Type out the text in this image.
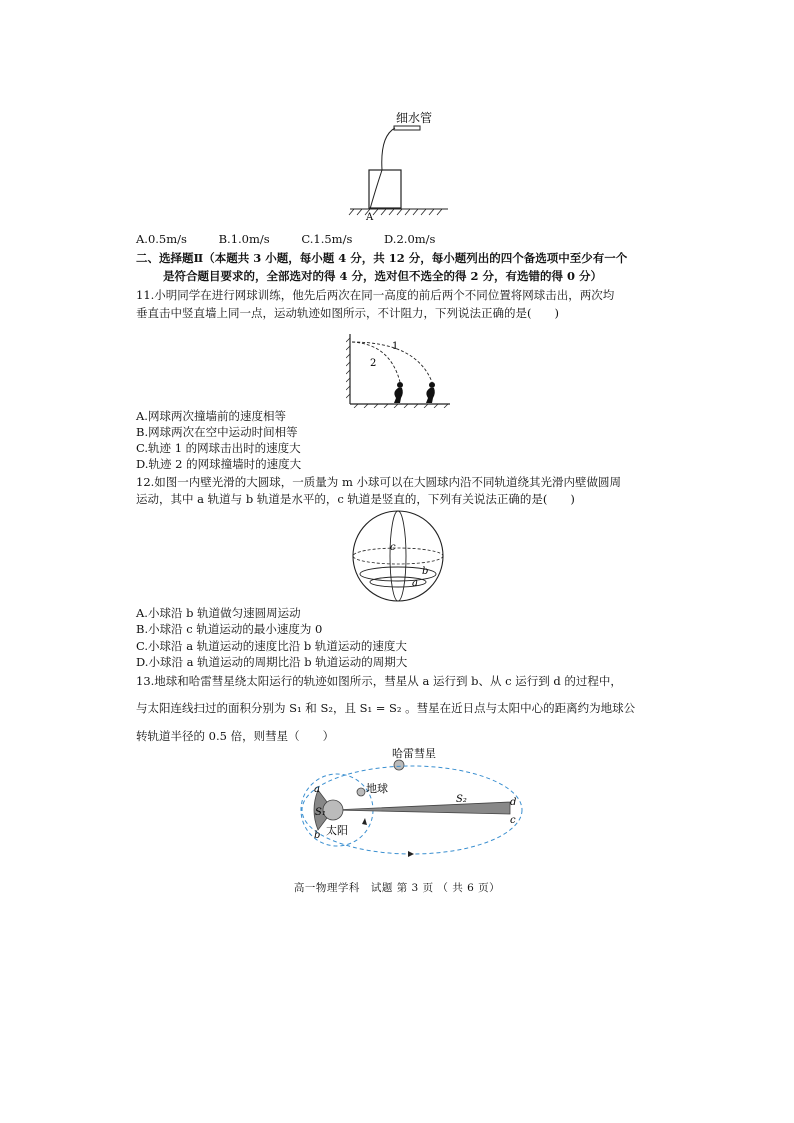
细水管
A
A.0.5m/s	B.1.0m/s	C.1.5m/s	D.2.0m/s
二、选择题Ⅱ（本题共 3 小题，每小题 4 分，共 12 分，每小题列出的四个备选项中至少有一个
是符合题目要求的，全部选对的得 4 分，选对但不选全的得 2 分，有选错的得 0 分）
11.小明同学在进行网球训练，他先后两次在同一高度的前后两个不同位置将网球击出，两次均
垂直击中竖直墙上同一点，运动轨迹如图所示，不计阻力，下列说法正确的是(　　)
1
2
A.网球两次撞墙前的速度相等
B.网球两次在空中运动时间相等
C.轨迹 1 的网球击出时的速度大
D.轨迹 2 的网球撞墙时的速度大
12.如图一内壁光滑的大圆球，一质量为 m 小球可以在大圆球内沿不同轨道绕其光滑内壁做圆周
运动，其中 a 轨道与 b 轨道是水平的，c 轨道是竖直的，下列有关说法正确的是(　　)
c
b
a
A.小球沿 b 轨道做匀速圆周运动
B.小球沿 c 轨道运动的最小速度为 0
C.小球沿 a 轨道运动的速度比沿 b 轨道运动的速度大
D.小球沿 a 轨道运动的周期比沿 b 轨道运动的周期大
13.地球和哈雷彗星绕太阳运行的轨迹如图所示，彗星从 a 运行到 b、从 c 运行到 d 的过程中，
与太阳连线扫过的面积分别为 S₁ 和 S₂，且 S₁ = S₂ 。彗星在近日点与太阳中心的距离约为地球公
转轨道半径的 0.5 倍，则彗星（　　）
哈雷彗星
地球
太阳
S₁
S₂
a
b
c
d
高一物理学科　试题 第 3 页 （ 共 6 页）
